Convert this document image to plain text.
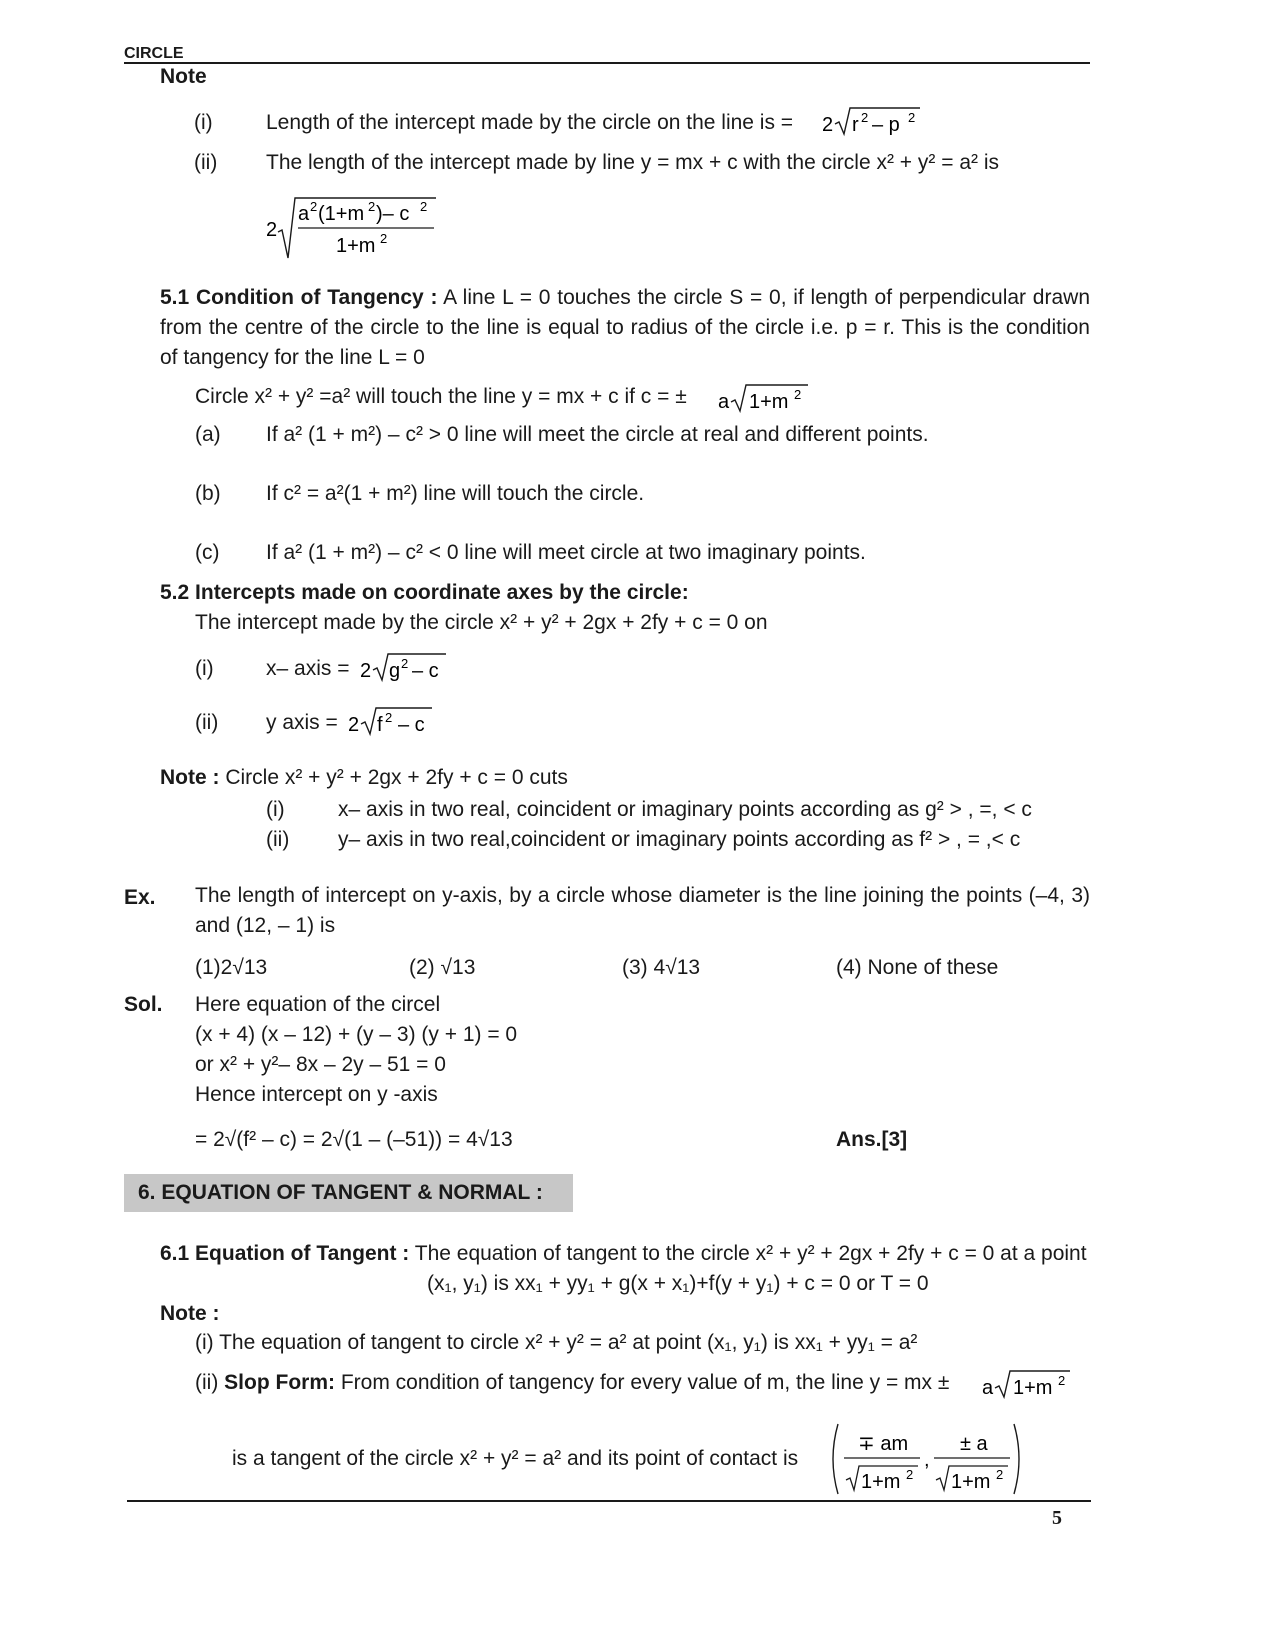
CIRCLE
Note
(i)	Length of the intercept made by the circle on the line is = 2 r 2 – p 2
(ii) The length of the intercept made by line y = mx + c with the circle x² + y² = a² is
2
a 2 (1+m 2 )– c 2
1+m 2
5.1 Condition of Tangency : A line L = 0 touches the circle S = 0, if length of perpendicular drawn from the centre of the circle to the line is equal to radius of the circle i.e. p = r. This is the condition of tangency for the line L = 0
Circle x² + y² =a² will touch the line y = mx + c if c = ± a 1+m 2
(a) If a² (1 + m²) – c² > 0 line will meet the circle at real and different points.
(b) If c² = a²(1 + m²) line will touch the circle.
(c) If a² (1 + m²) – c² < 0 line will meet circle at two imaginary points.
5.2 Intercepts made on coordinate axes by the circle:
The intercept made by the circle x² + y² + 2gx + 2fy + c = 0 on
(i) x– axis = 2 g 2 – c
(ii) y axis = 2 f 2 – c
Note : Circle x² + y² + 2gx + 2fy + c = 0 cuts
(i)	x– axis in two real, coincident or imaginary points according as g² > , =, < c
(ii) y– axis in two real,coincident or imaginary points according as f² > , = ,< c
Ex. The length of intercept on y-axis, by a circle whose diameter is the line joining the points (–4, 3) and (12, – 1) is
(1)2√13	(2) √13	(3) 4√13	(4) None of these
Sol. Here equation of the circel
(x + 4) (x – 12) + (y – 3) (y + 1) = 0
or x² + y²– 8x – 2y – 51 = 0
Hence intercept on y -axis
= 2√(f² – c) = 2√(1 – (–51)) = 4√13	Ans.[3]
6. EQUATION OF TANGENT & NORMAL :
6.1 Equation of Tangent : The equation of tangent to the circle x² + y² + 2gx + 2fy + c = 0 at a point
(x₁, y₁) is xx₁ + yy₁ + g(x + x₁)+f(y + y₁) + c = 0 or T = 0
Note :
(i) The equation of tangent to circle x² + y² = a² at point (x₁, y₁) is xx₁ + yy₁ = a²
(ii) Slop Form: From condition of tangency for every value of m, the line y = mx ± a 1+m 2
is a tangent of the circle x² + y² = a² and its point of contact is
∓ am
1+m 2
,
± a
1+m 2
5
